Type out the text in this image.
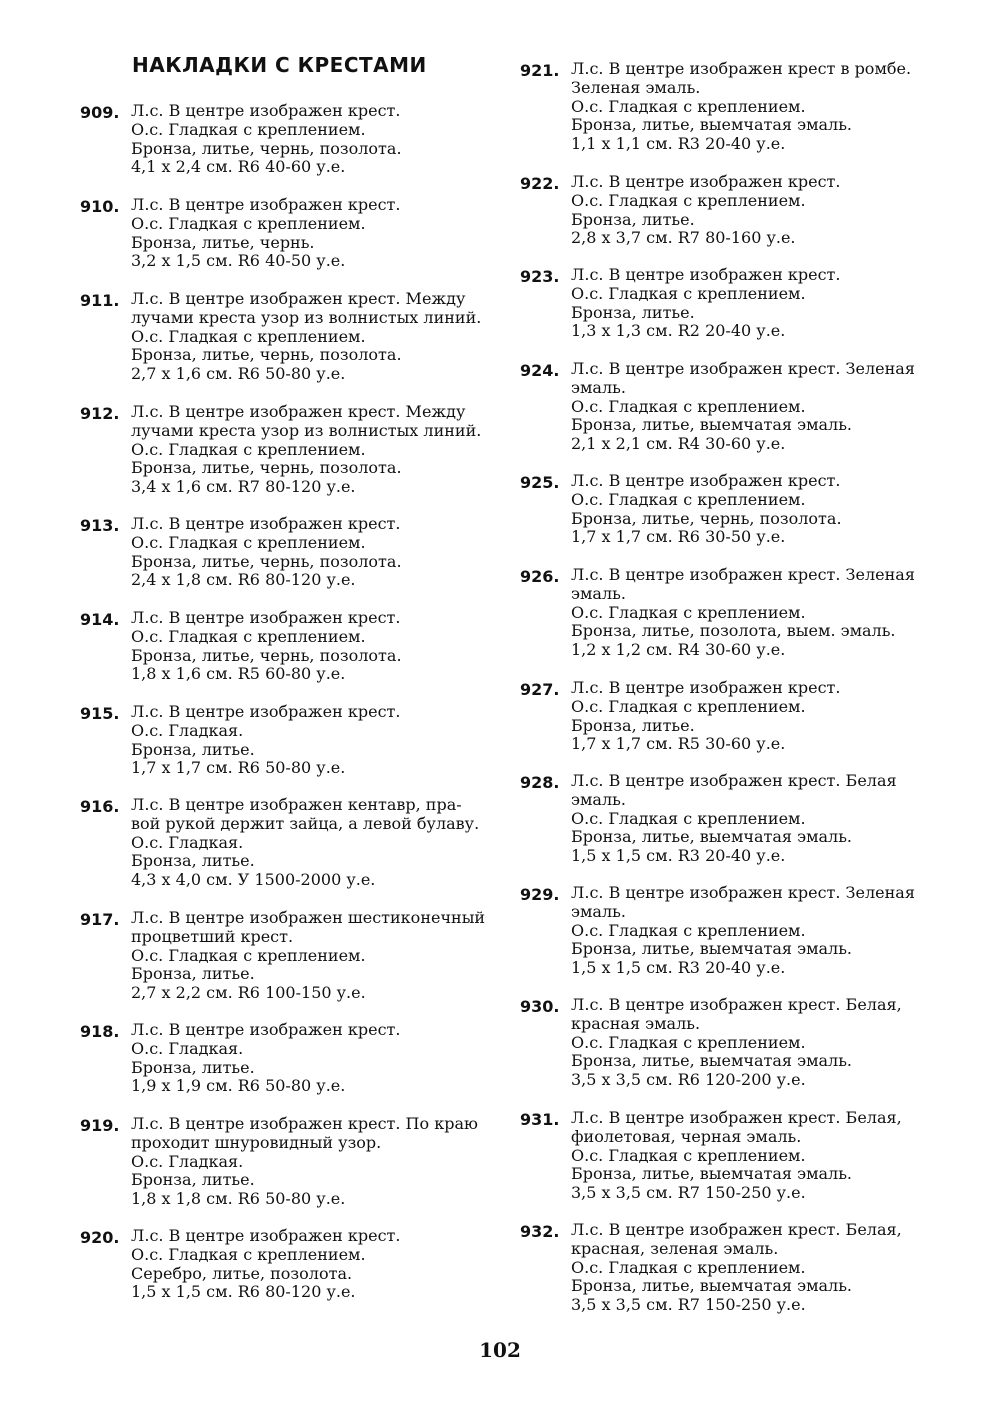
НАКЛАДКИ С КРЕСТАМИ
909. Л.с. В центре изображен крест.
О.с. Гладкая с креплением.
Бронза, литье, чернь, позолота.
4,1 х 2,4 см. R6 40-60 у.е.
910. Л.с. В центре изображен крест.
О.с. Гладкая с креплением.
Бронза, литье, чернь.
3,2 х 1,5 см. R6 40-50 у.е.
911. Л.с. В центре изображен крест. Между
лучами креста узор из волнистых линий.
О.с. Гладкая с креплением.
Бронза, литье, чернь, позолота.
2,7 х 1,6 см. R6 50-80 у.е.
912. Л.с. В центре изображен крест. Между
лучами креста узор из волнистых линий.
О.с. Гладкая с креплением.
Бронза, литье, чернь, позолота.
3,4 х 1,6 см. R7 80-120 у.е.
913. Л.с. В центре изображен крест.
О.с. Гладкая с креплением.
Бронза, литье, чернь, позолота.
2,4 х 1,8 см. R6 80-120 у.е.
914. Л.с. В центре изображен крест.
О.с. Гладкая с креплением.
Бронза, литье, чернь, позолота.
1,8 х 1,6 см. R5 60-80 у.е.
915. Л.с. В центре изображен крест.
О.с. Гладкая.
Бронза, литье.
1,7 х 1,7 см. R6 50-80 у.е.
916. Л.с. В центре изображен кентавр, пра-
вой рукой держит зайца, а левой булаву.
О.с. Гладкая.
Бронза, литье.
4,3 х 4,0 см. У 1500-2000 у.е.
917. Л.с. В центре изображен шестиконечный
процветший крест.
О.с. Гладкая с креплением.
Бронза, литье.
2,7 х 2,2 см. R6 100-150 у.е.
918. Л.с. В центре изображен крест.
О.с. Гладкая.
Бронза, литье.
1,9 х 1,9 см. R6 50-80 у.е.
919. Л.с. В центре изображен крест. По краю
проходит шнуровидный узор.
О.с. Гладкая.
Бронза, литье.
1,8 х 1,8 см. R6 50-80 у.е.
920. Л.с. В центре изображен крест.
О.с. Гладкая с креплением.
Серебро, литье, позолота.
1,5 х 1,5 см. R6 80-120 у.е.
921. Л.с. В центре изображен крест в ромбе.
Зеленая эмаль.
О.с. Гладкая с креплением.
Бронза, литье, выемчатая эмаль.
1,1 х 1,1 см. R3 20-40 у.е.
922. Л.с. В центре изображен крест.
О.с. Гладкая с креплением.
Бронза, литье.
2,8 х 3,7 см. R7 80-160 у.е.
923. Л.с. В центре изображен крест.
О.с. Гладкая с креплением.
Бронза, литье.
1,3 х 1,3 см. R2 20-40 у.е.
924. Л.с. В центре изображен крест. Зеленая
эмаль.
О.с. Гладкая с креплением.
Бронза, литье, выемчатая эмаль.
2,1 х 2,1 см. R4 30-60 у.е.
925. Л.с. В центре изображен крест.
О.с. Гладкая с креплением.
Бронза, литье, чернь, позолота.
1,7 х 1,7 см. R6 30-50 у.е.
926. Л.с. В центре изображен крест. Зеленая
эмаль.
О.с. Гладкая с креплением.
Бронза, литье, позолота, выем. эмаль.
1,2 х 1,2 см. R4 30-60 у.е.
927. Л.с. В центре изображен крест.
О.с. Гладкая с креплением.
Бронза, литье.
1,7 х 1,7 см. R5 30-60 у.е.
928. Л.с. В центре изображен крест. Белая
эмаль.
О.с. Гладкая с креплением.
Бронза, литье, выемчатая эмаль.
1,5 х 1,5 см. R3 20-40 у.е.
929. Л.с. В центре изображен крест. Зеленая
эмаль.
О.с. Гладкая с креплением.
Бронза, литье, выемчатая эмаль.
1,5 х 1,5 см. R3 20-40 у.е.
930. Л.с. В центре изображен крест. Белая,
красная эмаль.
О.с. Гладкая с креплением.
Бронза, литье, выемчатая эмаль.
3,5 х 3,5 см. R6 120-200 у.е.
931. Л.с. В центре изображен крест. Белая,
фиолетовая, черная эмаль.
О.с. Гладкая с креплением.
Бронза, литье, выемчатая эмаль.
3,5 х 3,5 см. R7 150-250 у.е.
932. Л.с. В центре изображен крест. Белая,
красная, зеленая эмаль.
О.с. Гладкая с креплением.
Бронза, литье, выемчатая эмаль.
3,5 х 3,5 см. R7 150-250 у.е.
102
